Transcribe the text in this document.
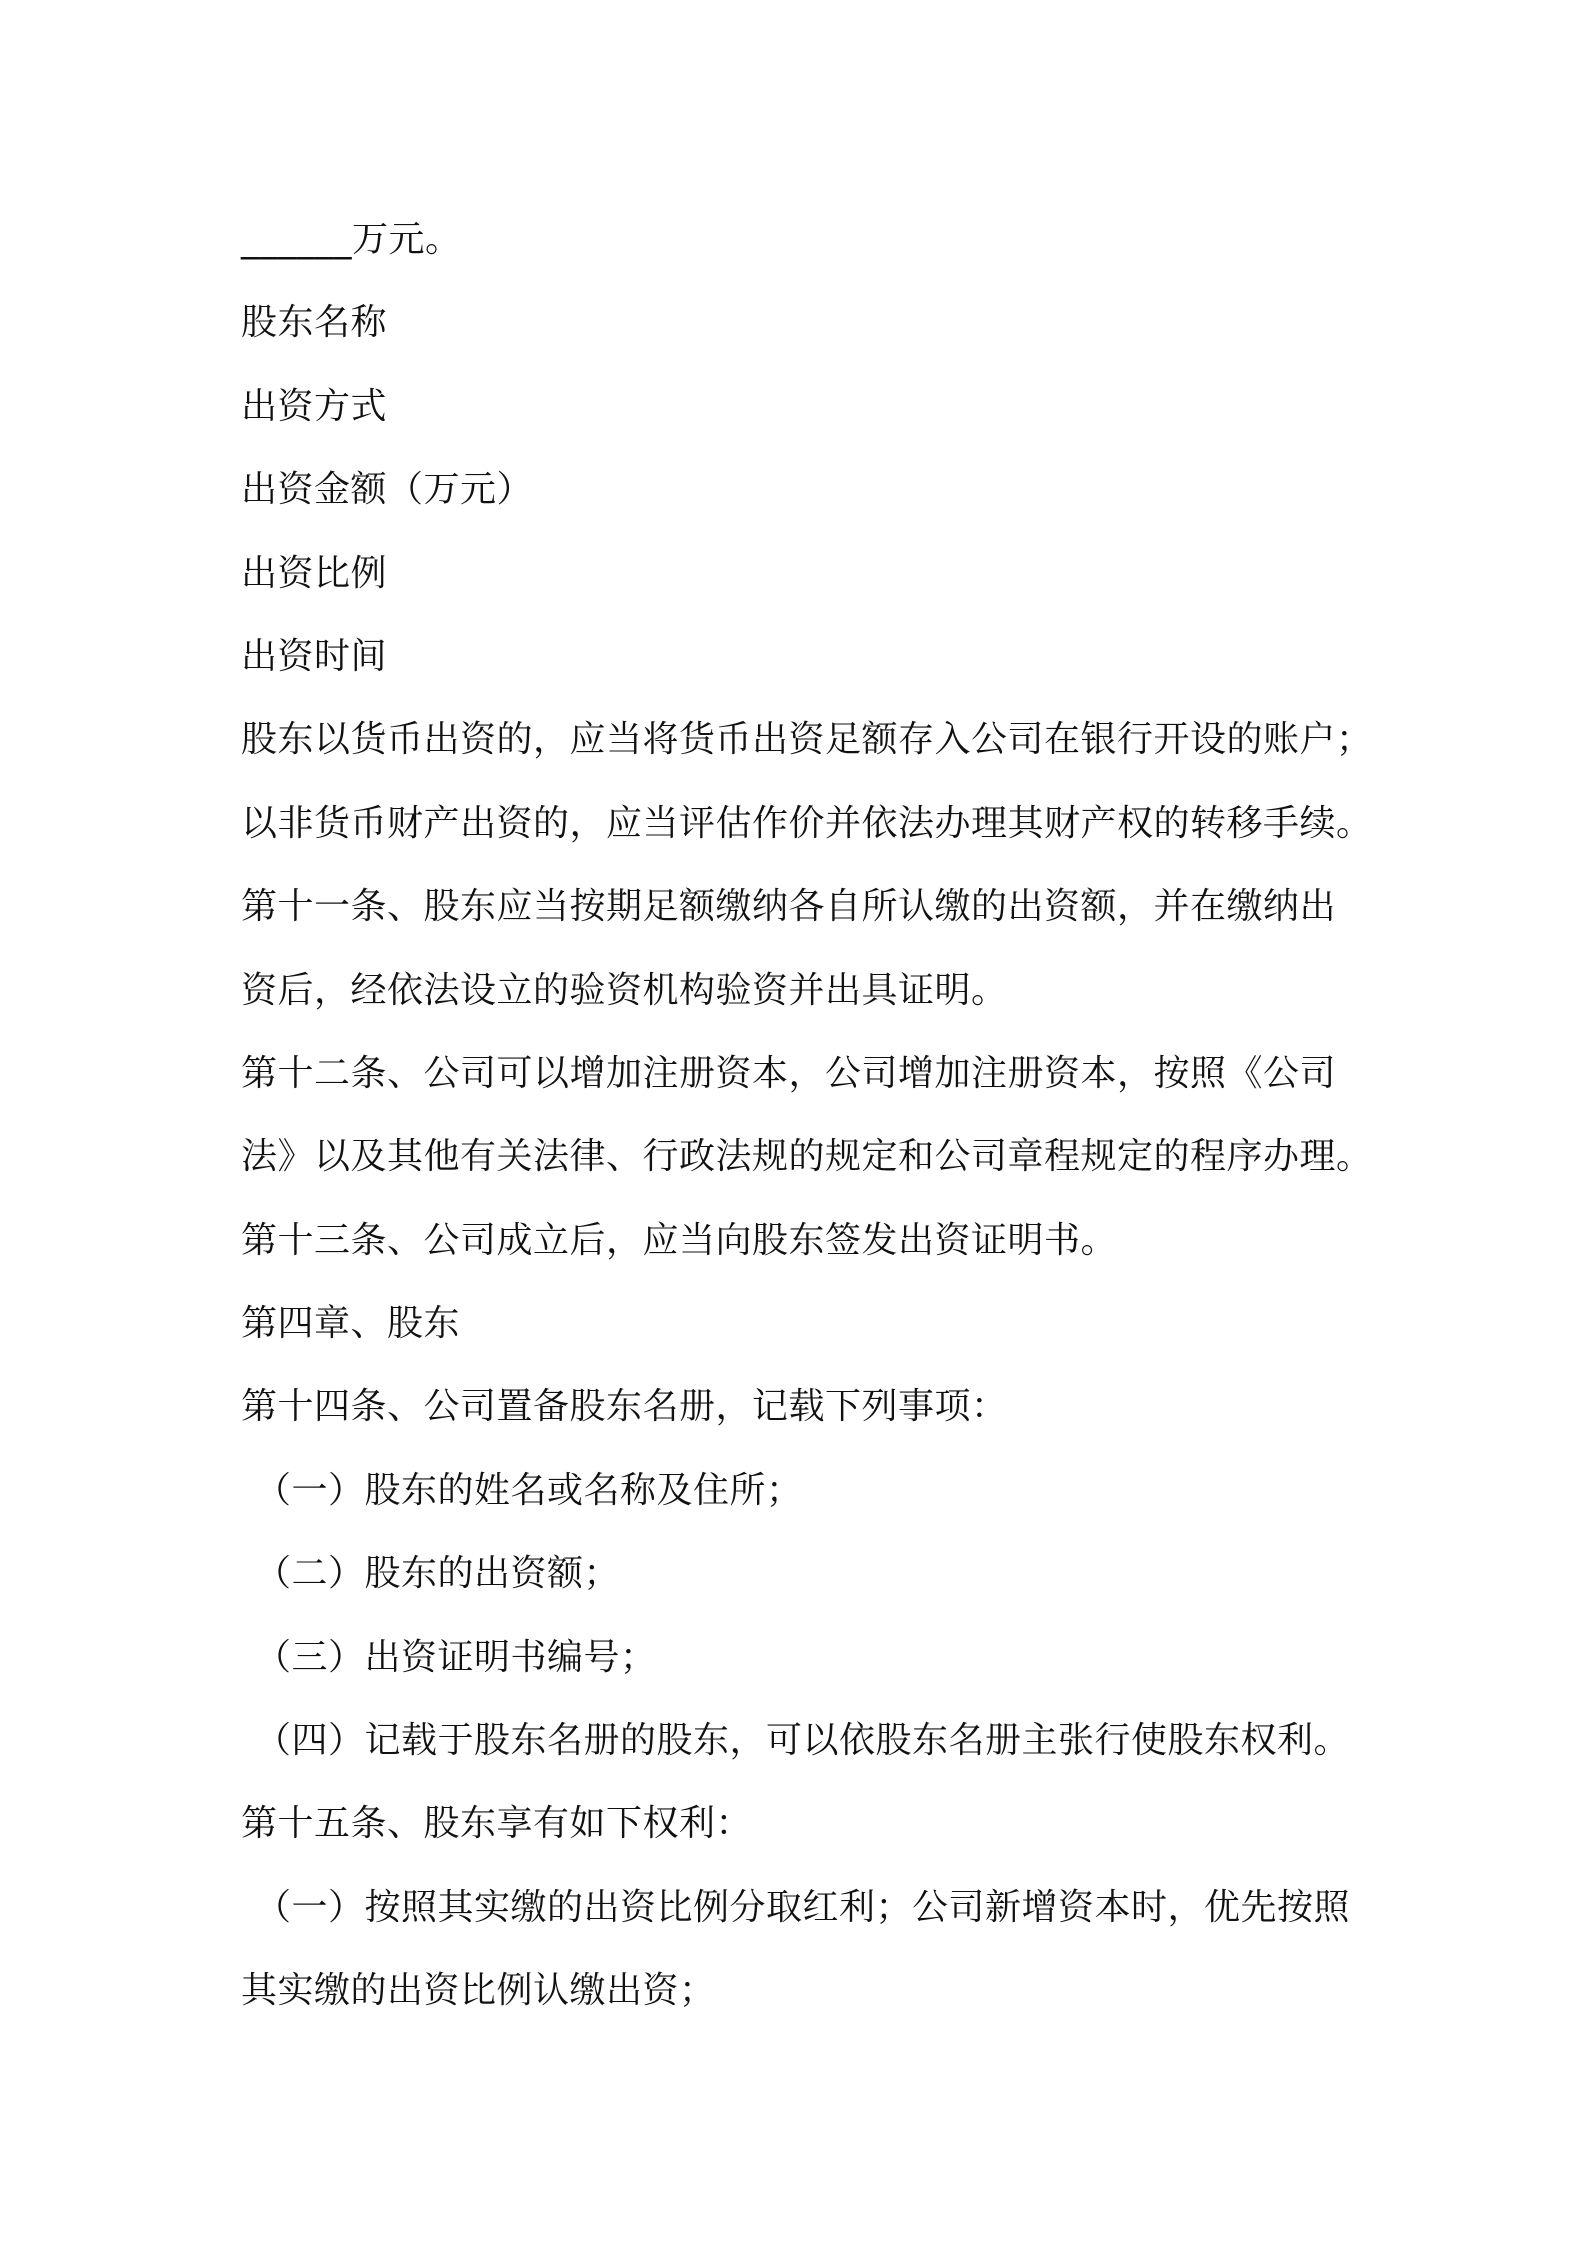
______万元。
股东名称
出资方式
出资金额（万元）
出资比例
出资时间
股东以货币出资的，应当将货币出资足额存入公司在银行开设的账户；
以非货币财产出资的，应当评估作价并依法办理其财产权的转移手续。
第十一条、股东应当按期足额缴纳各自所认缴的出资额，并在缴纳出
资后，经依法设立的验资机构验资并出具证明。
第十二条、公司可以增加注册资本，公司增加注册资本，按照《公司
法》以及其他有关法律、行政法规的规定和公司章程规定的程序办理。
第十三条、公司成立后，应当向股东签发出资证明书。
第四章、股东
第十四条、公司置备股东名册，记载下列事项：
（一）股东的姓名或名称及住所；
（二）股东的出资额；
（三）出资证明书编号；
（四）记载于股东名册的股东，可以依股东名册主张行使股东权利。
第十五条、股东享有如下权利：
（一）按照其实缴的出资比例分取红利；公司新增资本时，优先按照
其实缴的出资比例认缴出资；
